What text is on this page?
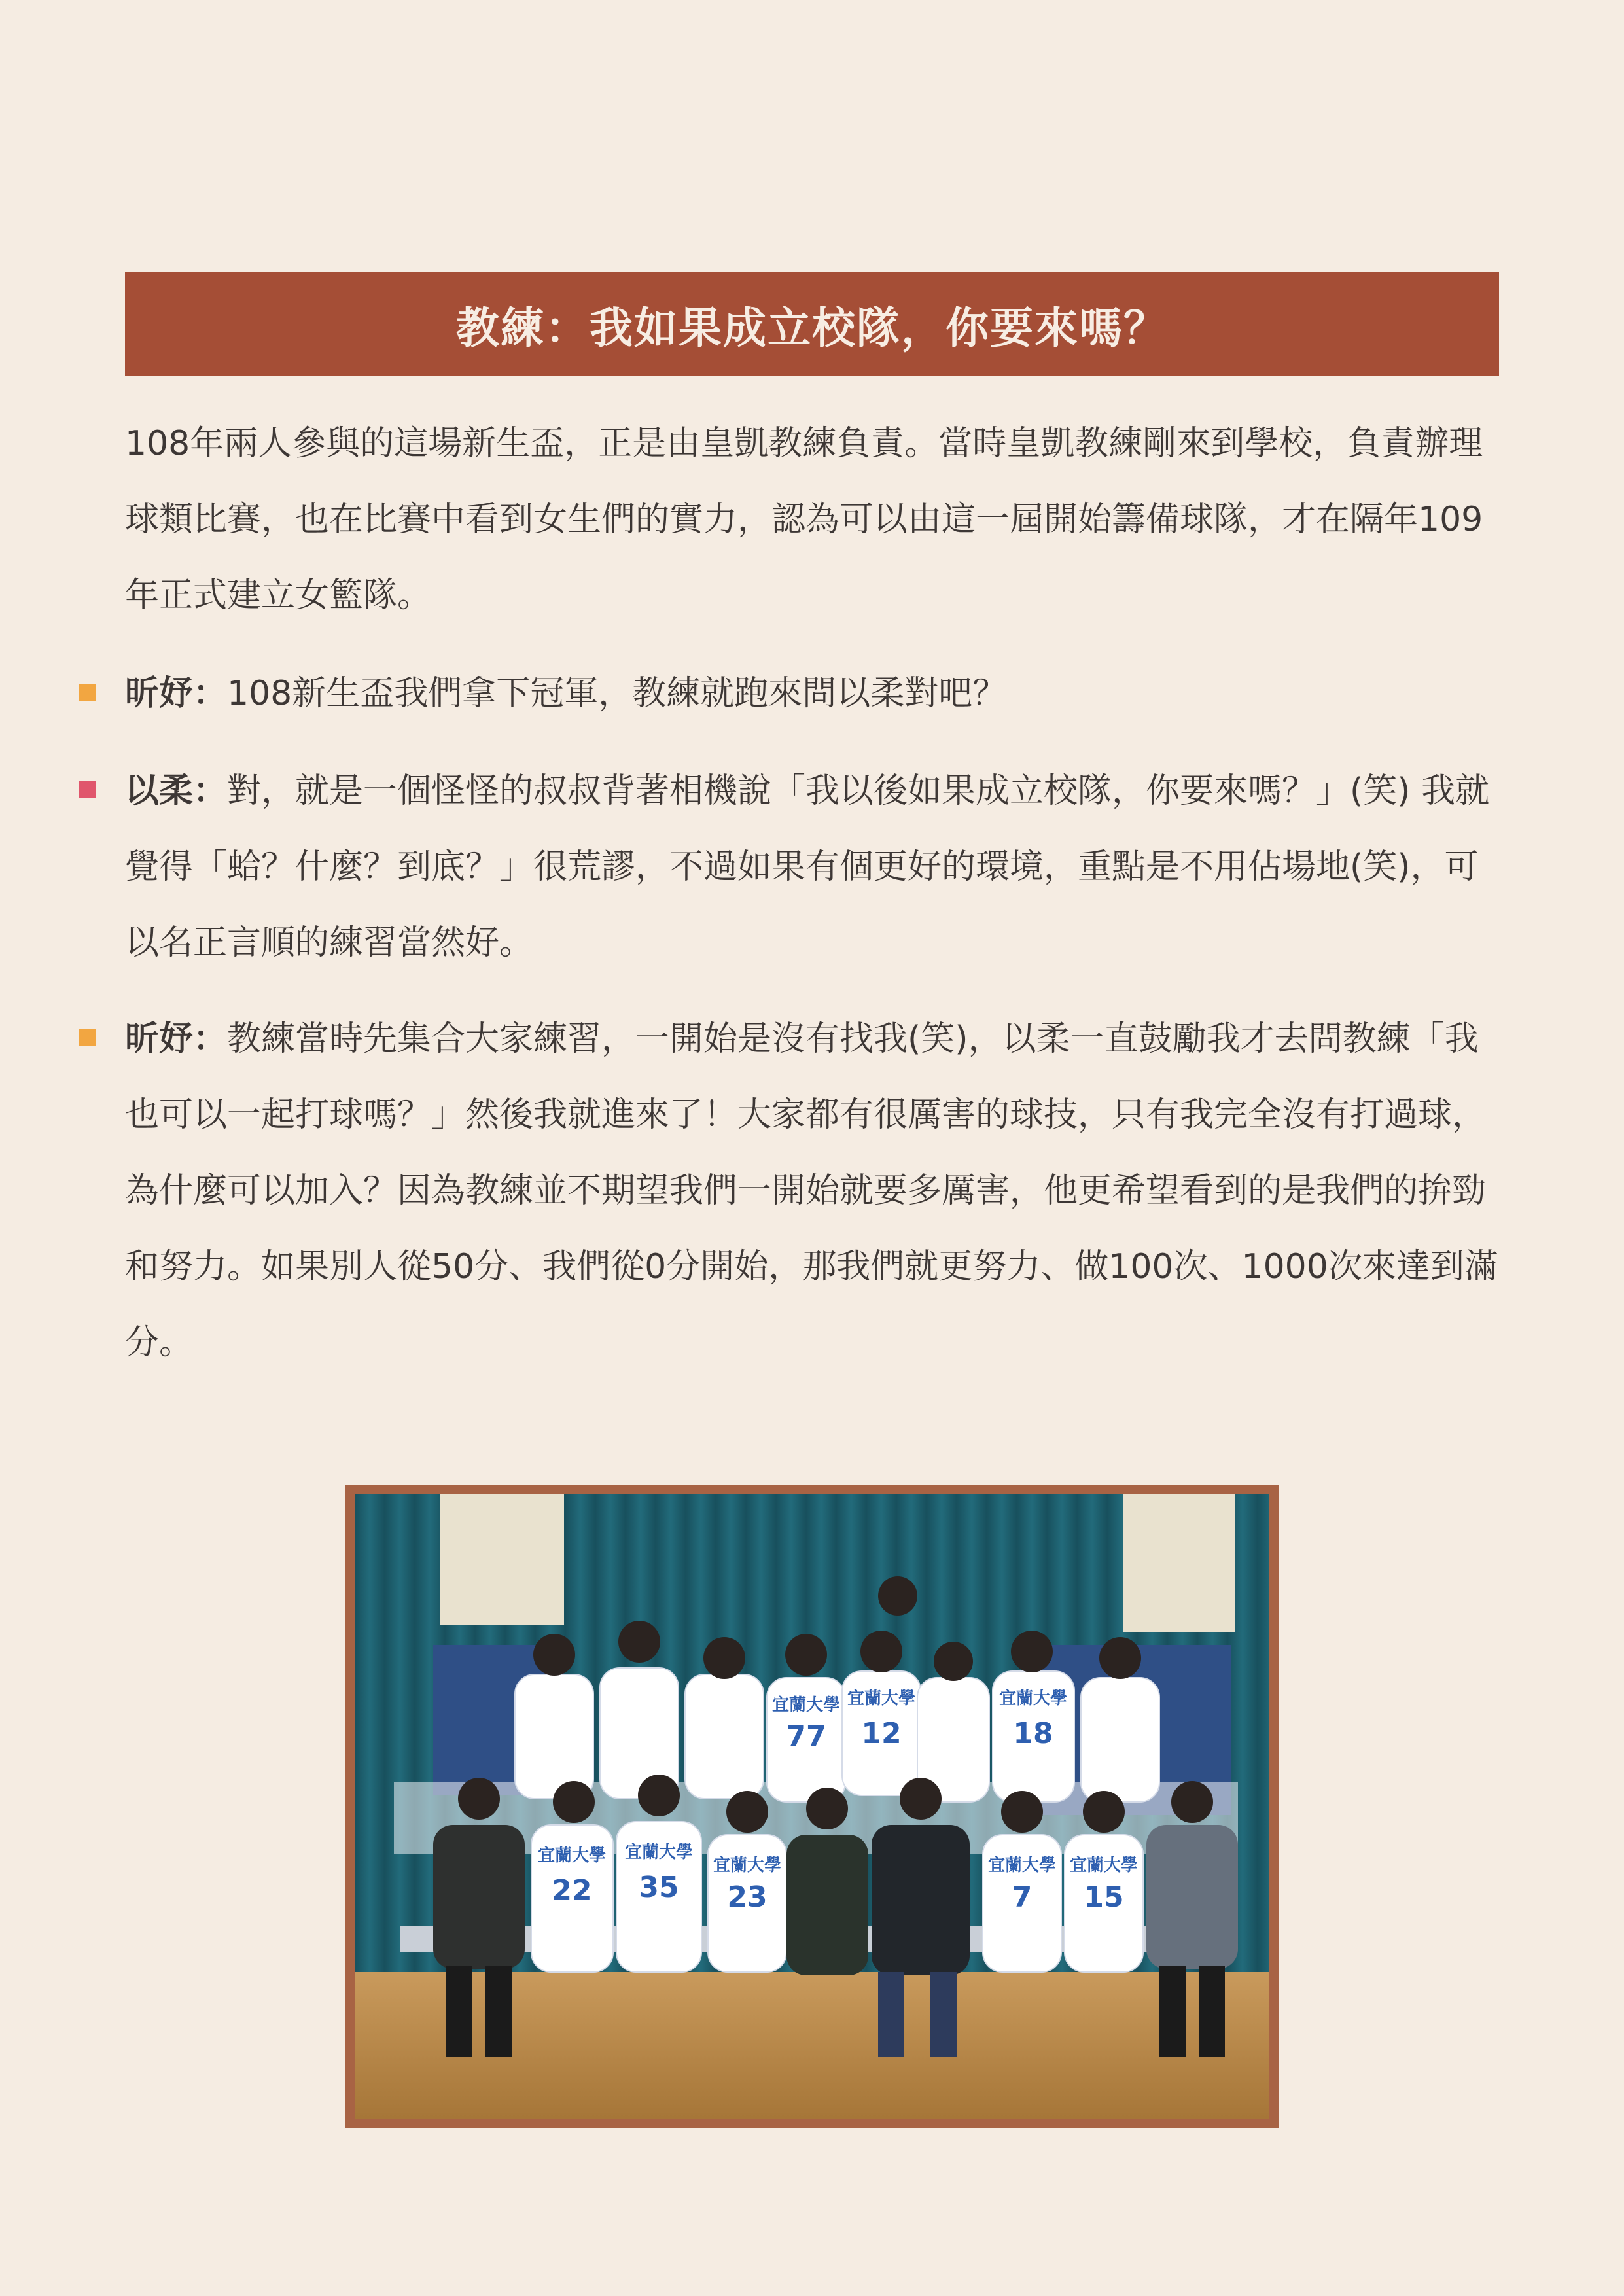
教練：我如果成立校隊，你要來嗎？

108年兩人參與的這場新生盃，正是由皇凱教練負責。當時皇凱教練剛來到學校，負責辦理球類比賽，也在比賽中看到女生們的實力，認為可以由這一屆開始籌備球隊，才在隔年109年正式建立女籃隊。

昕妤：108新生盃我們拿下冠軍，教練就跑來問以柔對吧？

以柔：對，就是一個怪怪的叔叔背著相機說「我以後如果成立校隊，你要來嗎？」(笑) 我就覺得「蛤？什麼？到底？」很荒謬，不過如果有個更好的環境，重點是不用佔場地(笑)，可以名正言順的練習當然好。

昕妤：教練當時先集合大家練習，一開始是沒有找我(笑)，以柔一直鼓勵我才去問教練「我也可以一起打球嗎？」然後我就進來了！大家都有很厲害的球技，只有我完全沒有打過球，為什麼可以加入？因為教練並不期望我們一開始就要多厲害，他更希望看到的是我們的拚勁和努力。如果別人從50分、我們從0分開始，那我們就更努力、做100次、1000次來達到滿分。

宜蘭大學
22
宜蘭大學
35
宜蘭大學
23
宜蘭大學
15
宜蘭大學
7
宜蘭大學
77
宜蘭大學
12
宜蘭大學
18
